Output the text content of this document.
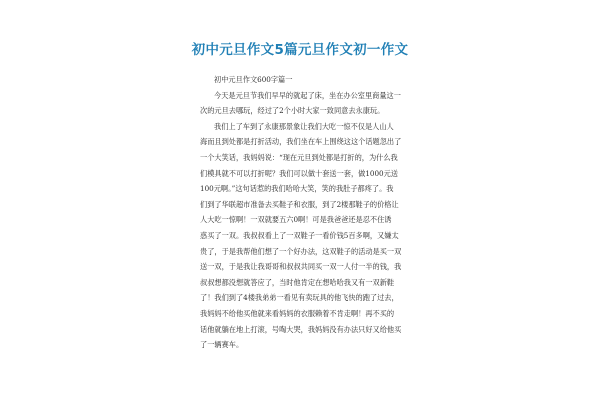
初中元旦作文5篇元旦作文初一作文

初中元旦作文600字篇一

今天是元旦节我们早早的就起了床，坐在办公室里商量这一
次的元旦去哪玩，经过了2个小时大家一致同意去永康玩。

我们上了车到了永康那景象让我们大吃一惊不仅是人山人
海而且到处都是打折活动，我们坐在车上围绕这这个话题忽出了
一个大笑话，我妈妈说：“现在元旦到处都是打折的，为什么我
们模具就不可以打折呢？我们可以做十套送一套，做1000元送
100元啊。”这句话惹的我们哈哈大笑，笑的我肚子都疼了。我
们到了华联超市准备去买鞋子和衣服，到了2楼那鞋子的价格让
人大吃一惊啊！一双就要五六0啊！可是我爸爸还是忍不住诱
惑买了一双。我叔叔看上了一双鞋子一看价钱5百多啊，又嫌太
贵了，于是我帮他们想了一个好办法，这双鞋子的活动是买一双
送一双，于是我让我哥哥和叔叔共同买一双一人付一半的钱，我
叔叔想都没想就答应了，当时他肯定在想哈哈我又有一双新鞋
了！我们到了4楼我弟弟一看见有卖玩具的他飞快的跑了过去，
我妈妈不给他买他就来看妈妈的衣服赖着不肯走啊！再不买的
话他就躺在地上打滚，号啕大哭，我妈妈没有办法只好又给他买
了一辆赛车。
